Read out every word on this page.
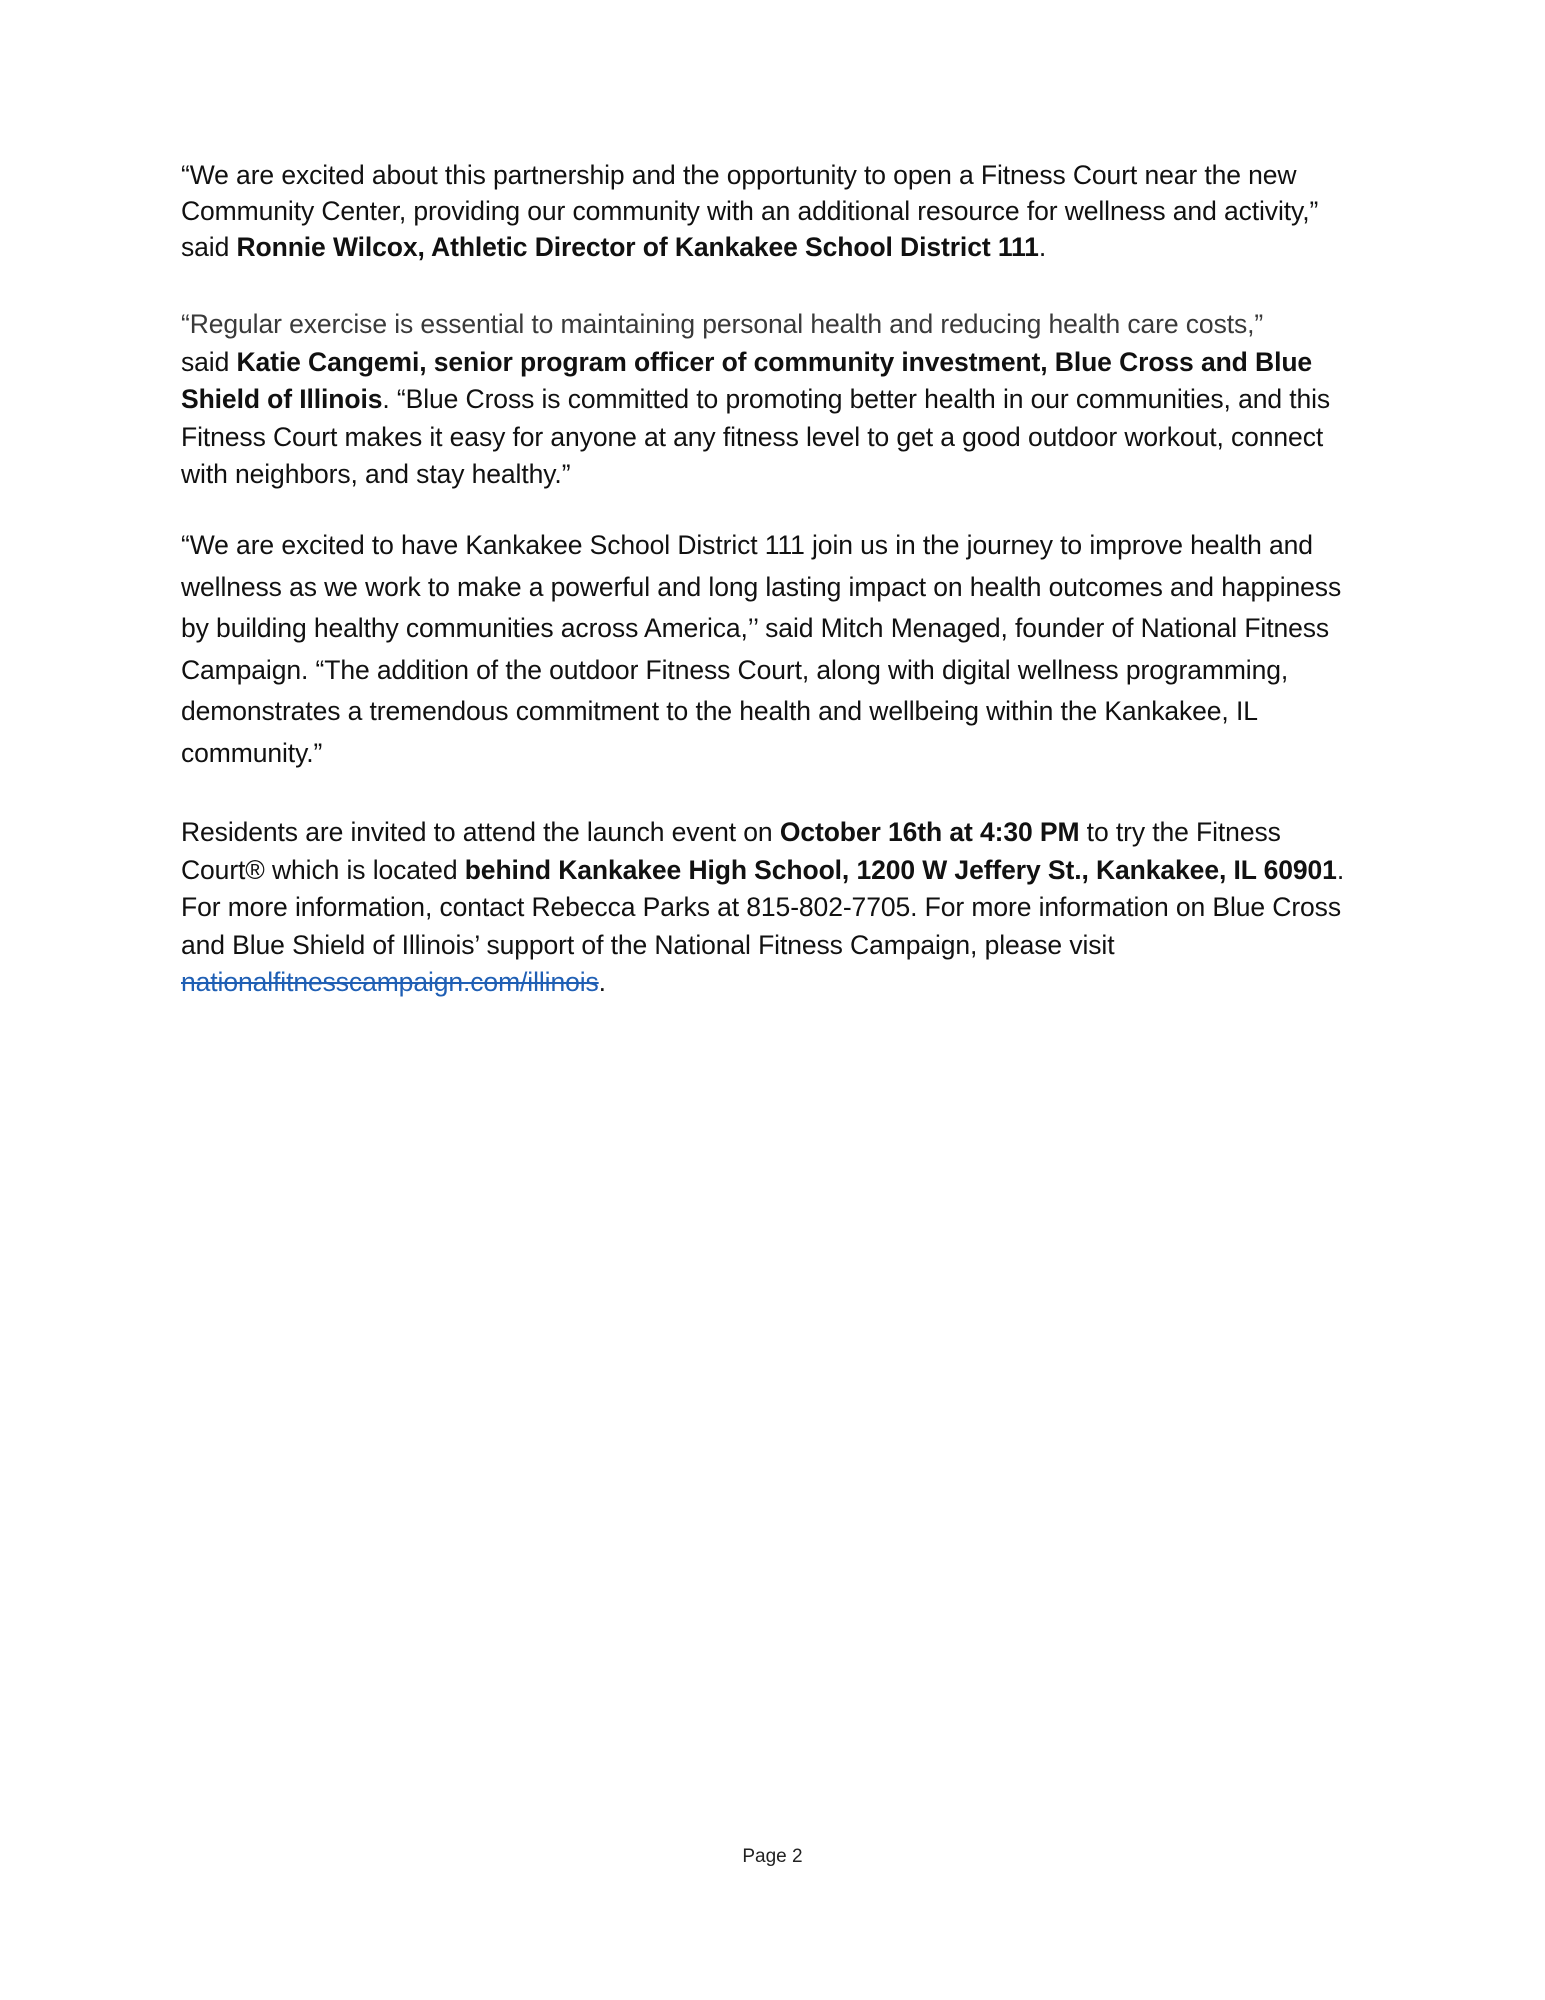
“We are excited about this partnership and the opportunity to open a Fitness Court near the new Community Center, providing our community with an additional resource for wellness and activity,” said Ronnie Wilcox, Athletic Director of Kankakee School District 111.
“Regular exercise is essential to maintaining personal health and reducing health care costs,”
said Katie Cangemi, senior program officer of community investment, Blue Cross and Blue Shield of Illinois. “Blue Cross is committed to promoting better health in our communities, and this Fitness Court makes it easy for anyone at any fitness level to get a good outdoor workout, connect with neighbors, and stay healthy.”
“We are excited to have Kankakee School District 111 join us in the journey to improve health and wellness as we work to make a powerful and long lasting impact on health outcomes and happiness by building healthy communities across America,’’ said Mitch Menaged, founder of National Fitness Campaign. “The addition of the outdoor Fitness Court, along with digital wellness programming, demonstrates a tremendous commitment to the health and wellbeing within the Kankakee, IL community.”
Residents are invited to attend the launch event on October 16th at 4:30 PM to try the Fitness Court® which is located behind Kankakee High School, 1200 W Jeffery St., Kankakee, IL 60901. For more information, contact Rebecca Parks at 815-802-7705. For more information on Blue Cross and Blue Shield of Illinois’ support of the National Fitness Campaign, please visit nationalfitnesscampaign.com/illinois.
Page 2
